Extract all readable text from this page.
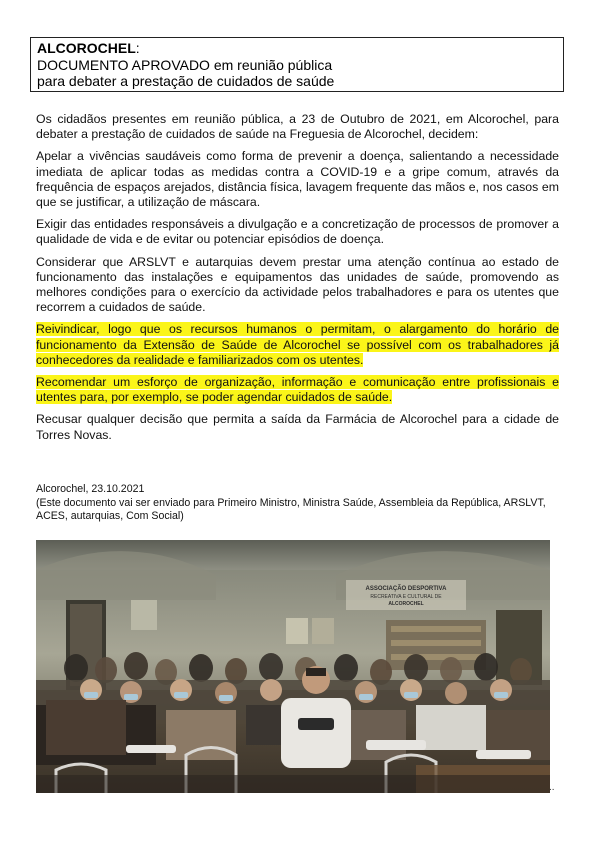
ALCOROCHEL:
DOCUMENTO APROVADO em reunião pública
para debater a prestação de cuidados de saúde

Os cidadãos presentes em reunião pública, a 23 de Outubro de 2021, em Alcorochel, para debater a prestação de cuidados de saúde na Freguesia de Alcorochel, decidem:

Apelar a vivências saudáveis como forma de prevenir a doença, salientando a necessidade imediata de aplicar todas as medidas contra a COVID-19 e a gripe comum, através da frequência de espaços arejados, distância física, lavagem frequente das mãos e, nos casos em que se justificar, a utilização de máscara.

Exigir das entidades responsáveis a divulgação e a concretização de processos de promover a qualidade de vida e de evitar ou potenciar episódios de doença.

Considerar que ARSLVT e autarquias devem prestar uma atenção contínua ao estado de funcionamento das instalações e equipamentos das unidades de saúde, promovendo as melhores condições para o exercício da actividade pelos trabalhadores e para os utentes que recorrem a cuidados de saúde.

Reivindicar, logo que os recursos humanos o permitam, o alargamento do horário de funcionamento da Extensão de Saúde de Alcorochel se possível com os trabalhadores já conhecedores da realidade e familiarizados com os utentes.

Recomendar um esforço de organização, informação e comunicação entre profissionais e utentes para, por exemplo, se poder agendar cuidados de saúde.

Recusar qualquer decisão que permita a saída da Farmácia de Alcorochel para a cidade de Torres Novas.

Alcorochel, 23.10.2021

(Este documento vai ser enviado para Primeiro Ministro, Ministra Saúde, Assembleia da República, ARSLVT, ACES, autarquias, Com Social)

ASSOCIAÇÃO DESPORTIVA
RECREATIVA E CULTURAL DE
ALCOROCHEL
..
